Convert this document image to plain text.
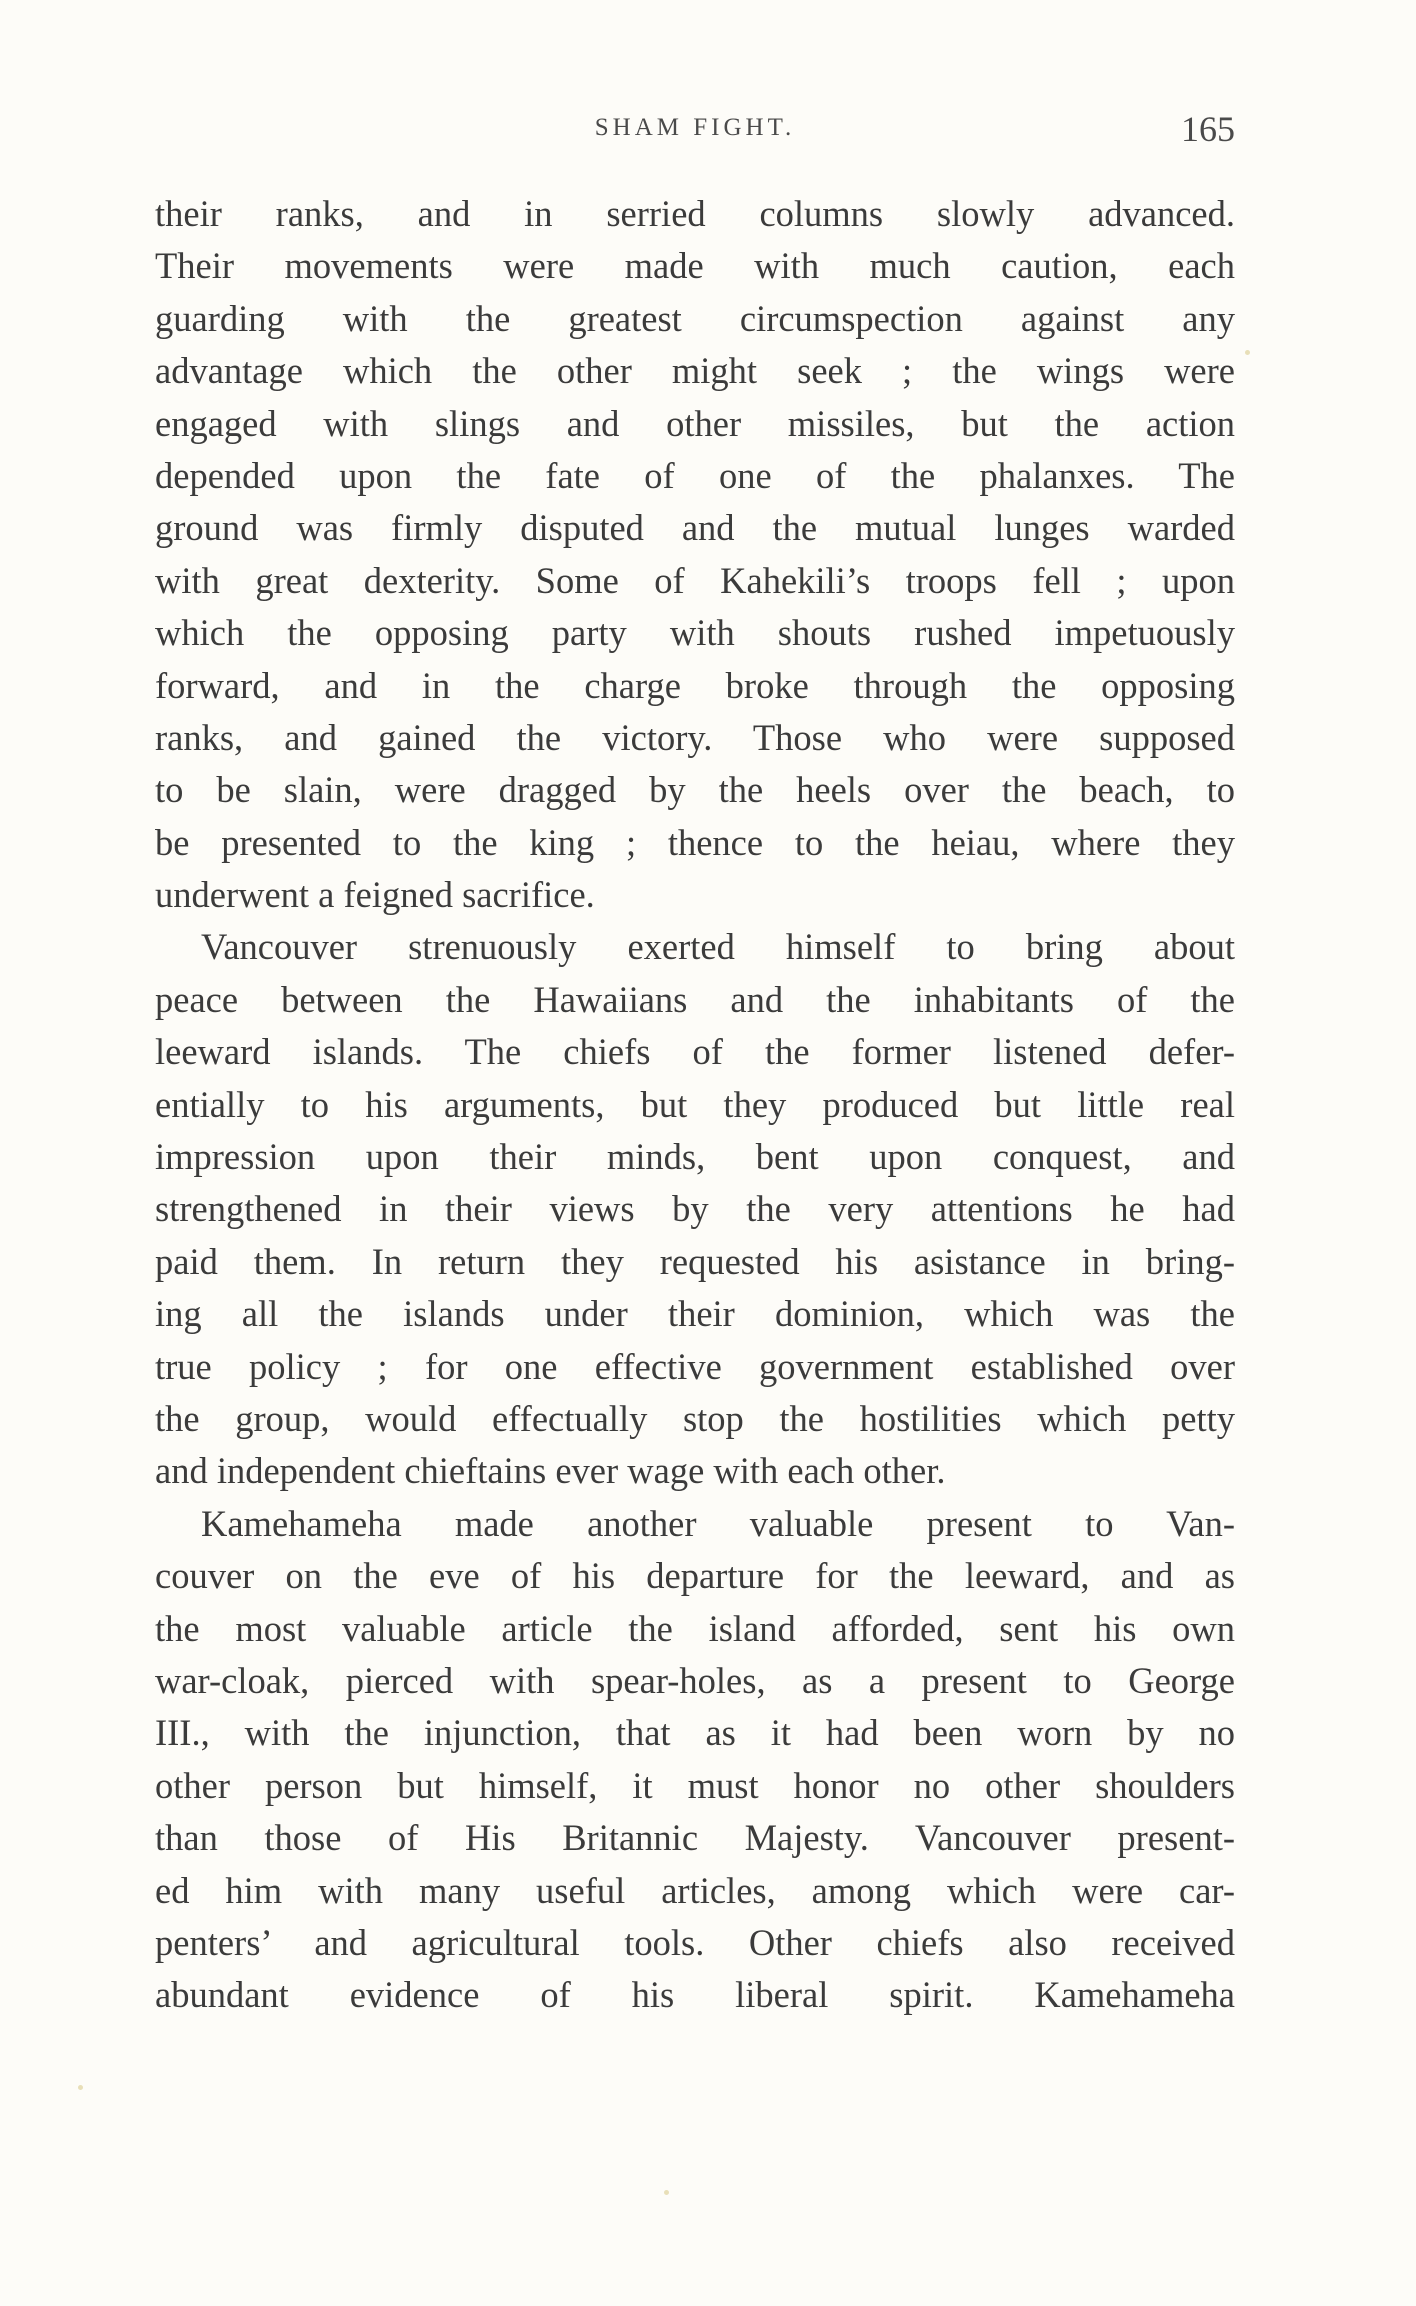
SHAM FIGHT.	165
their ranks, and in serried columns slowly advanced.
Their movements were made with much caution, each
guarding with the greatest circumspection against any
advantage which the other might seek ; the wings were
engaged with slings and other missiles, but the action
depended upon the fate of one of the phalanxes. The
ground was firmly disputed and the mutual lunges warded
with great dexterity. Some of Kahekili’s troops fell ; upon
which the opposing party with shouts rushed impetuously
forward, and in the charge broke through the opposing
ranks, and gained the victory. Those who were supposed
to be slain, were dragged by the heels over the beach, to
be presented to the king ; thence to the heiau, where they
underwent a feigned sacrifice.
Vancouver strenuously exerted himself to bring about
peace between the Hawaiians and the inhabitants of the
leeward islands. The chiefs of the former listened defer-
entially to his arguments, but they produced but little real
impression upon their minds, bent upon conquest, and
strengthened in their views by the very attentions he had
paid them. In return they requested his asistance in bring-
ing all the islands under their dominion, which was the
true policy ; for one effective government established over
the group, would effectually stop the hostilities which petty
and independent chieftains ever wage with each other.
Kamehameha made another valuable present to Van-
couver on the eve of his departure for the leeward, and as
the most valuable article the island afforded, sent his own
war-cloak, pierced with spear-holes, as a present to George
III., with the injunction, that as it had been worn by no
other person but himself, it must honor no other shoulders
than those of His Britannic Majesty. Vancouver present-
ed him with many useful articles, among which were car-
penters’ and agricultural tools. Other chiefs also received
abundant evidence of his liberal spirit. Kamehameha
